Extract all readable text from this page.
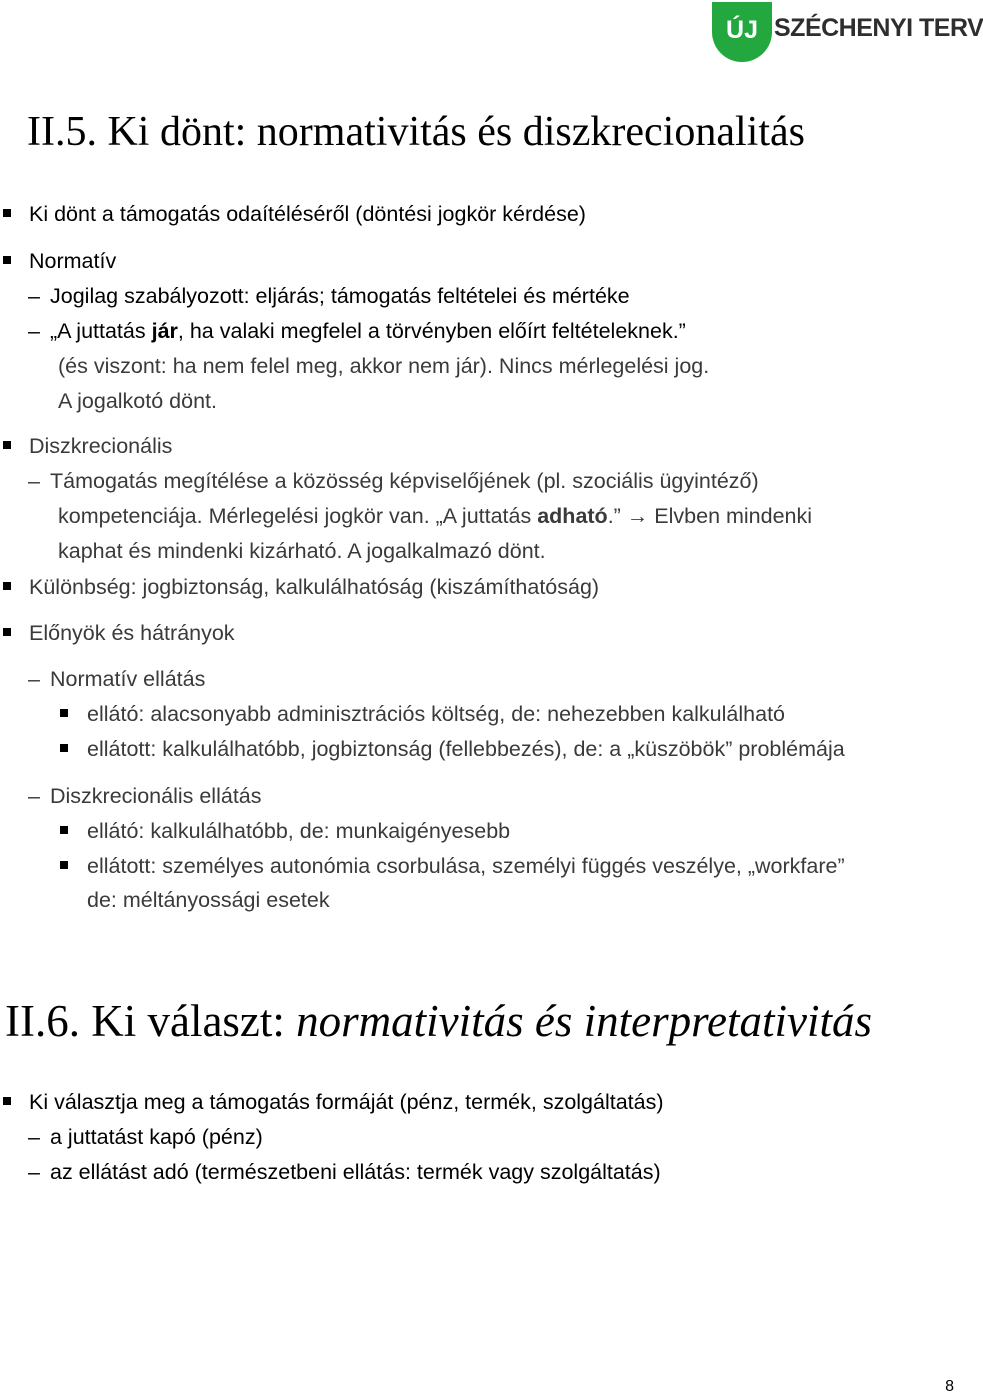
ÚJ SZÉCHENYI TERV
II.5. Ki dönt: normativitás és diszkrecionalitás
Ki dönt a támogatás odaítéléséről (döntési jogkör kérdése)
Normatív
– Jogilag szabályozott: eljárás; támogatás feltételei és mértéke
– „A juttatás jár, ha valaki megfelel a törvényben előírt feltételeknek.”
(és viszont: ha nem felel meg, akkor nem jár). Nincs mérlegelési jog.
A jogalkotó dönt.
Diszkrecionális
– Támogatás megítélése a közösség képviselőjének (pl. szociális ügyintéző)
kompetenciája. Mérlegelési jogkör van. „A juttatás adható.” → Elvben mindenki
kaphat és mindenki kizárható. A jogalkalmazó dönt.
Különbség: jogbiztonság, kalkulálhatóság (kiszámíthatóság)
Előnyök és hátrányok
– Normatív ellátás
ellátó: alacsonyabb adminisztrációs költség, de: nehezebben kalkulálható
ellátott: kalkulálhatóbb, jogbiztonság (fellebbezés), de: a „küszöbök” problémája
– Diszkrecionális ellátás
ellátó: kalkulálhatóbb, de: munkaigényesebb
ellátott: személyes autonómia csorbulása, személyi függés veszélye, „workfare”
de: méltányossági esetek
II.6. Ki választ: normativitás és interpretativitás
Ki választja meg a támogatás formáját (pénz, termék, szolgáltatás)
– a juttatást kapó (pénz)
– az ellátást adó (természetbeni ellátás: termék vagy szolgáltatás)
8
